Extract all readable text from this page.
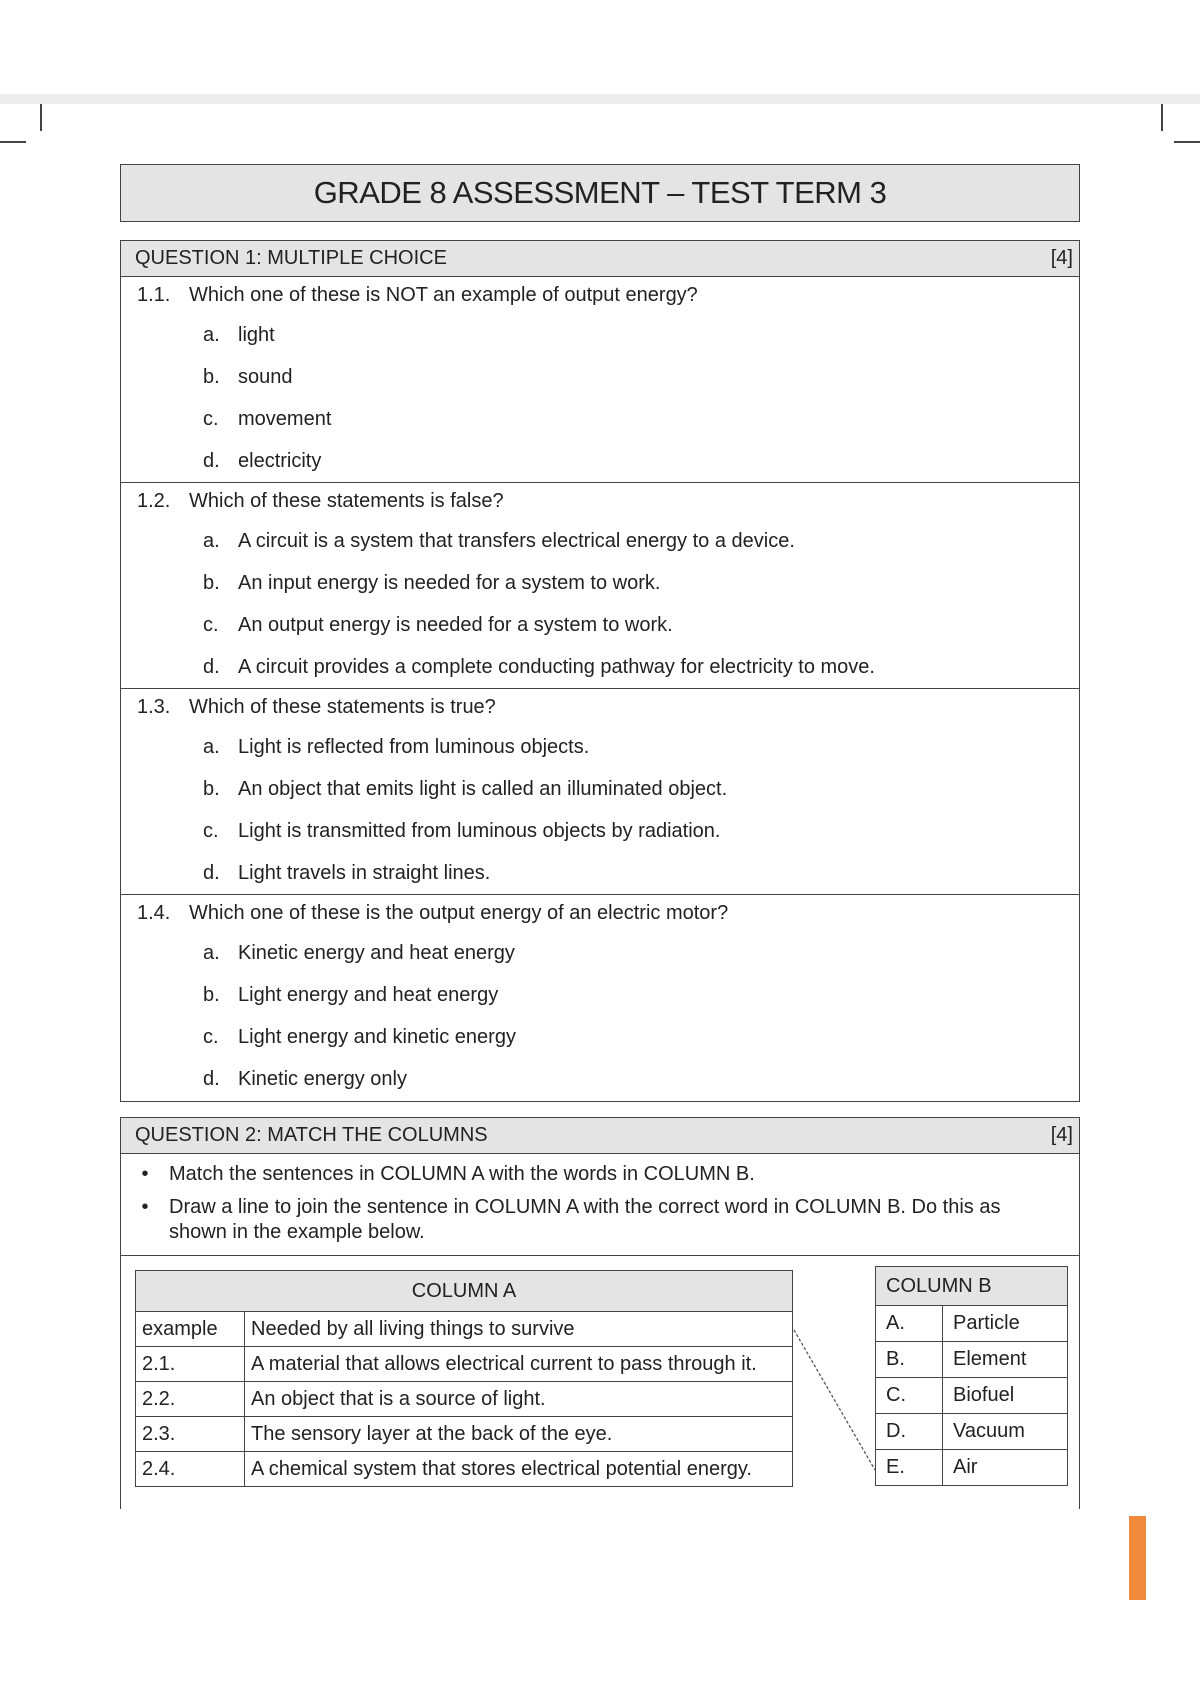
GRADE 8 ASSESSMENT – TEST TERM 3
QUESTION 1: MULTIPLE CHOICE	[4]
1.1. Which one of these is NOT an example of output energy?
a. light
b. sound
c. movement
d. electricity
1.2. Which of these statements is false?
a. A circuit is a system that transfers electrical energy to a device.
b. An input energy is needed for a system to work.
c. An output energy is needed for a system to work.
d. A circuit provides a complete conducting pathway for electricity to move.
1.3. Which of these statements is true?
a. Light is reflected from luminous objects.
b. An object that emits light is called an illuminated object.
c. Light is transmitted from luminous objects by radiation.
d. Light travels in straight lines.
1.4. Which one of these is the output energy of an electric motor?
a. Kinetic energy and heat energy
b. Light energy and heat energy
c. Light energy and kinetic energy
d. Kinetic energy only
QUESTION 2: MATCH THE COLUMNS	[4]
•	Match the sentences in COLUMN A with the words in COLUMN B.
•	Draw a line to join the sentence in COLUMN A with the correct word in COLUMN B. Do this as shown in the example below.
COLUMN A	
example	Needed by all living things to survive
2.1.	A material that allows electrical current to pass through it.
2.2.	An object that is a source of light.
2.3.	The sensory layer at the back of the eye.
2.4.	A chemical system that stores electrical potential energy.
COLUMN B	
A.	Particle
B.	Element
C.	Biofuel
D.	Vacuum
E.	Air
